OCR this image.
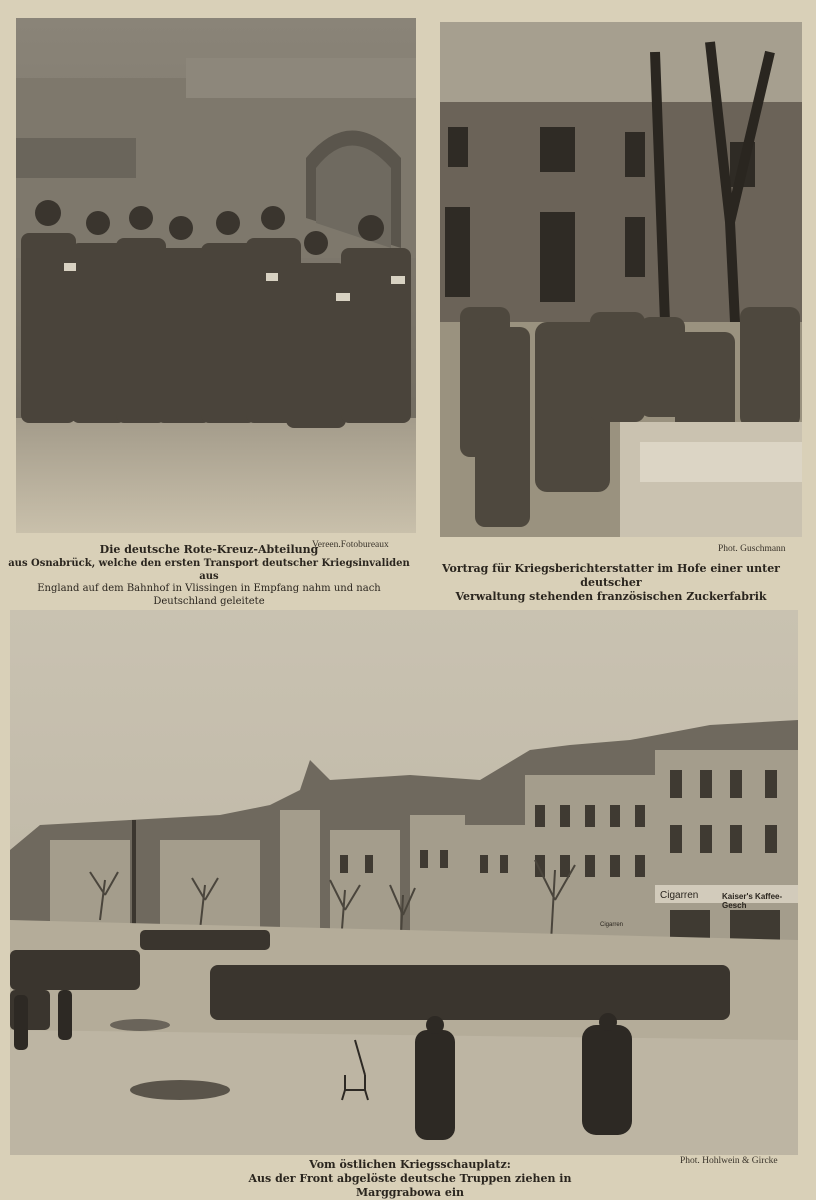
Die deutsche Rote-Kreuz-Abteilung
aus Osnabrück, welche den ersten Transport deutscher Kriegsinvaliden aus
England auf dem Bahnhof in Vlissingen in Empfang nahm und nach
Deutschland geleitete
Vereen.Fotobureaux	Phot. Guschmann
Vortrag für Kriegsberichterstatter im Hofe einer unter deutscher
Verwaltung stehenden französischen Zuckerfabrik
Cigarren	Kaiser's Kaffee-Gesch
Cigarren
Phot. Hohlwein & Gircke
Vom östlichen Kriegsschauplatz:
Aus der Front abgelöste deutsche Truppen ziehen in Marggrabowa ein
